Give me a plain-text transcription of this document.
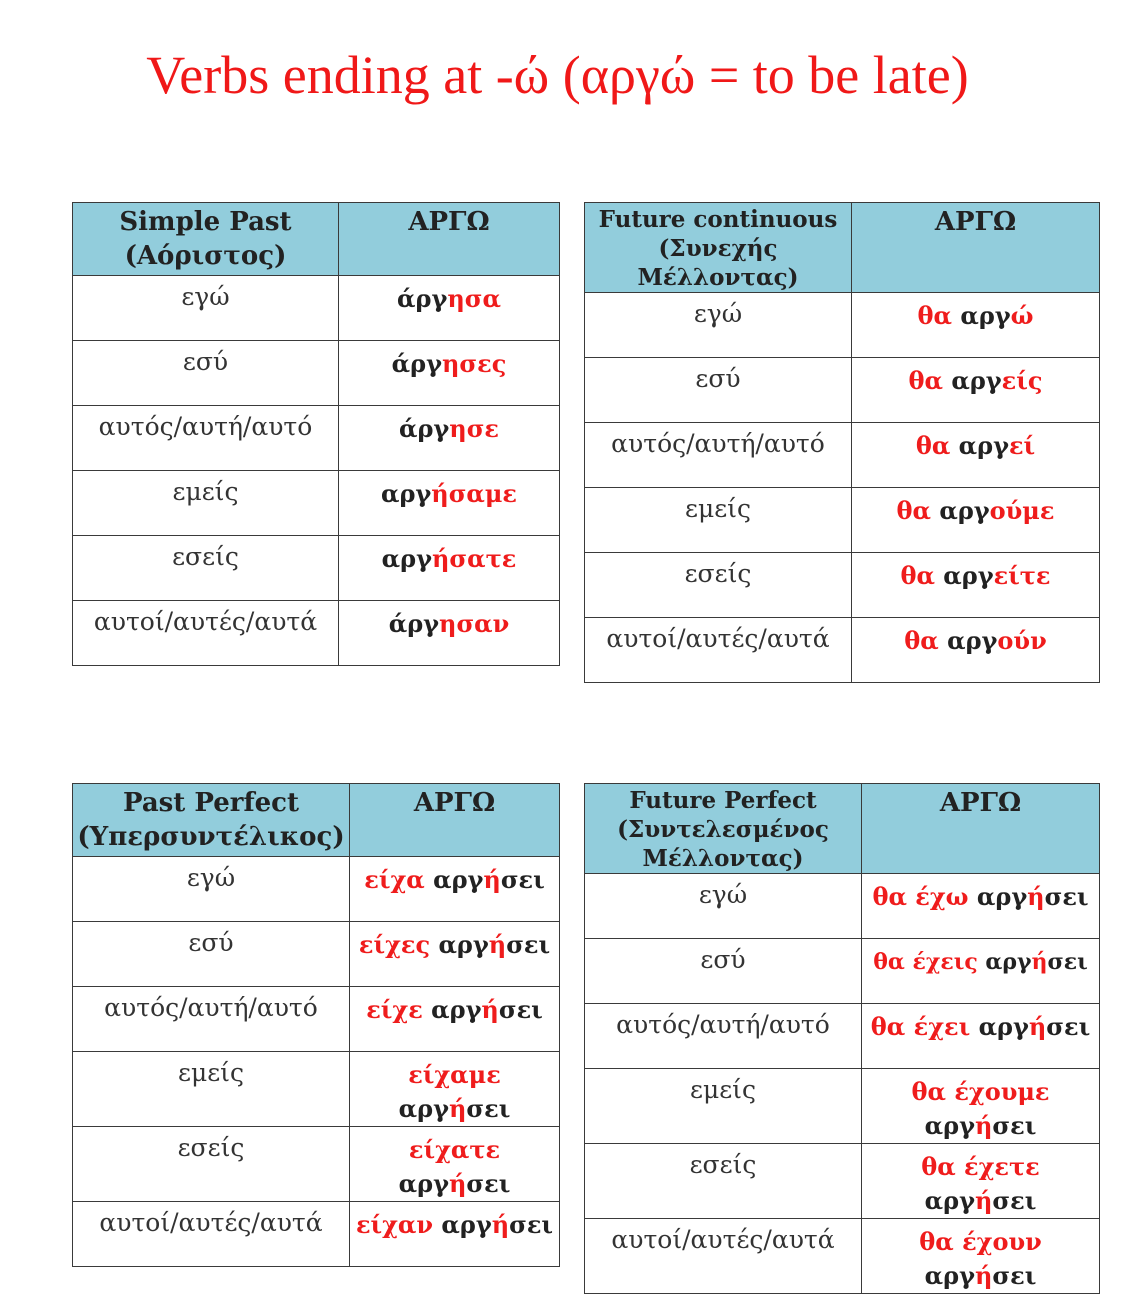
Verbs ending at -ώ (αργώ = to be late)
Simple Past
(Αόριστος)	ΑΡΓΩ
εγώ	άργησα
εσύ	άργησες
αυτός/αυτή/αυτό	άργησε
εμείς	αργήσαμε
εσείς	αργήσατε
αυτοί/αυτές/αυτά	άργησαν
Future continuous
(Συνεχής Μέλλοντας)	ΑΡΓΩ
εγώ	θα αργώ
εσύ	θα αργείς
αυτός/αυτή/αυτό	θα αργεί
εμείς	θα αργούμε
εσείς	θα αργείτε
αυτοί/αυτές/αυτά	θα αργούν
Past Perfect
(Υπερσυντέλικος)	ΑΡΓΩ
εγώ	είχα αργήσει
εσύ	είχες αργήσει
αυτός/αυτή/αυτό	είχε αργήσει
εμείς	είχαμε
αργήσει
εσείς	είχατε αργήσει
αυτοί/αυτές/αυτά	είχαν αργήσει
Future Perfect
(Συντελεσμένος
Μέλλοντας)	ΑΡΓΩ
εγώ	θα έχω αργήσει
εσύ	θα έχεις αργήσει
αυτός/αυτή/αυτό	θα έχει αργήσει
εμείς	θα έχουμε
αργήσει
εσείς	θα έχετε
αργήσει
αυτοί/αυτές/αυτά	θα έχουν
αργήσει
